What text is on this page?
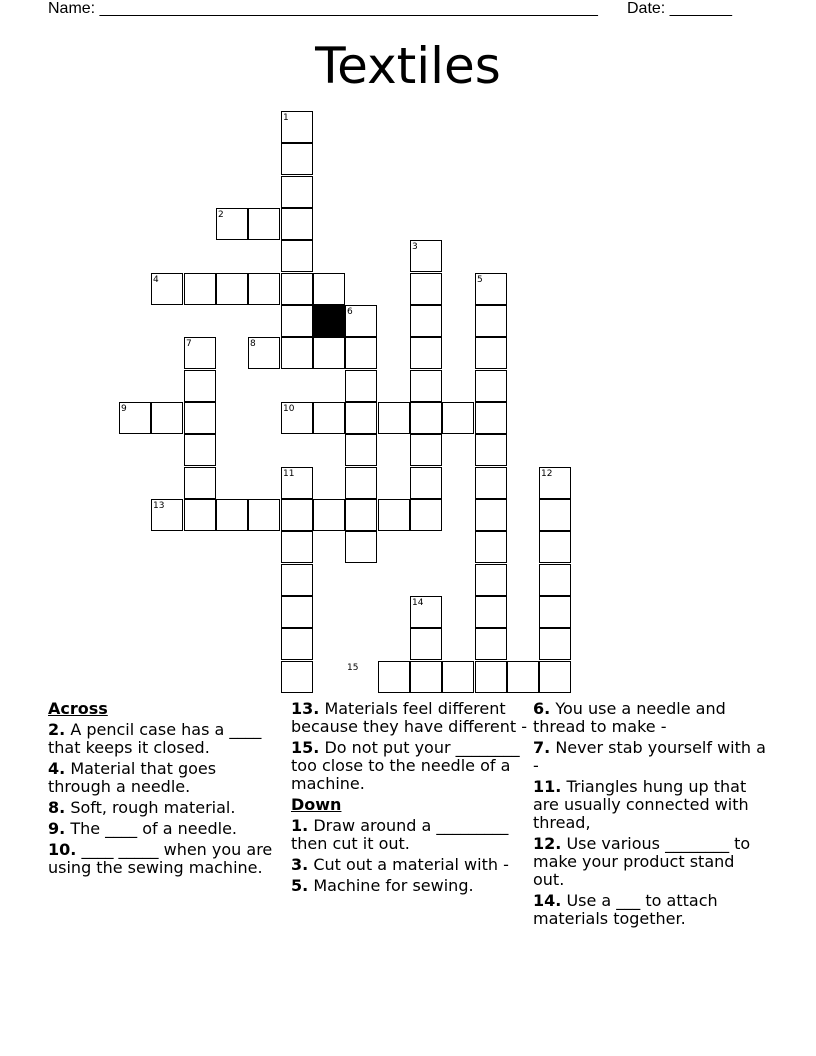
Name: ________________________________________________________ Date: _______
Textiles
1
2
3
4	5
6
7	8
9	10
11	12
13
14
15
Across
2. A pencil case has a ____ that keeps it closed.
4. Material that goes through a needle.
8. Soft, rough material.
9. The ____ of a needle.
10. ____ _____ when you are using the sewing machine.
13. Materials feel different because they have different -
15. Do not put your ________ too close to the needle of a machine.
Down
1. Draw around a _________ then cut it out.
3. Cut out a material with -
5. Machine for sewing.
6. You use a needle and thread to make -
7. Never stab yourself with a -
11. Triangles hung up that are usually connected with thread,
12. Use various ________ to make your product stand out.
14. Use a ___ to attach materials together.
